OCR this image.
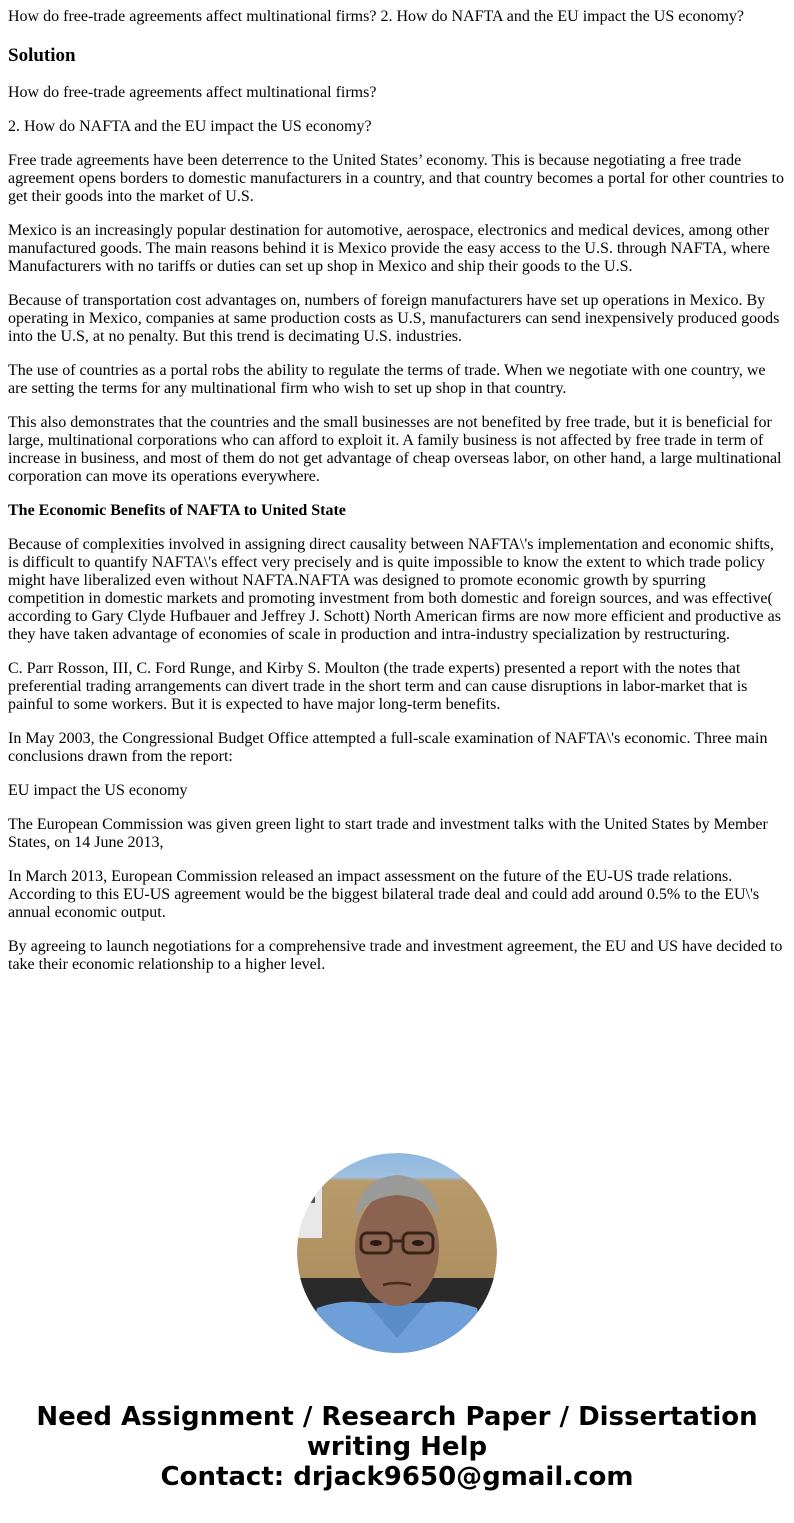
How do free-trade agreements affect multinational firms? 2. How do NAFTA and the EU impact the US economy?
Solution

How do free-trade agreements affect multinational firms?

2. How do NAFTA and the EU impact the US economy?

Free trade agreements have been deterrence to the United States’ economy. This is because negotiating a free trade agreement opens borders to domestic manufacturers in a country, and that country becomes a portal for other countries to get their goods into the market of U.S.

Mexico is an increasingly popular destination for automotive, aerospace, electronics and medical devices, among other manufactured goods. The main reasons behind it is Mexico provide the easy access to the U.S. through NAFTA, where Manufacturers with no tariffs or duties can set up shop in Mexico and ship their goods to the U.S.

Because of transportation cost advantages on, numbers of foreign manufacturers have set up operations in Mexico. By operating in Mexico, companies at same production costs as U.S, manufacturers can send inexpensively produced goods into the U.S, at no penalty. But this trend is decimating U.S. industries.

The use of countries as a portal robs the ability to regulate the terms of trade. When we negotiate with one country, we are setting the terms for any multinational firm who wish to set up shop in that country.

This also demonstrates that the countries and the small businesses are not benefited by free trade, but it is beneficial for large, multinational corporations who can afford to exploit it. A family business is not affected by free trade in term of increase in business, and most of them do not get advantage of cheap overseas labor, on other hand, a large multinational corporation can move its operations everywhere.

The Economic Benefits of NAFTA to United State

Because of complexities involved in assigning direct causality between NAFTA\'s implementation and economic shifts, is difficult to quantify NAFTA\'s effect very precisely and is quite impossible to know the extent to which trade policy might have liberalized even without NAFTA.NAFTA was designed to promote economic growth by spurring competition in domestic markets and promoting investment from both domestic and foreign sources, and was effective( according to Gary Clyde Hufbauer and Jeffrey J. Schott) North American firms are now more efficient and productive as they have taken advantage of economies of scale in production and intra-industry specialization by restructuring.

C. Parr Rosson, III, C. Ford Runge, and Kirby S. Moulton (the trade experts) presented a report with the notes that preferential trading arrangements can divert trade in the short term and can cause disruptions in labor-market that is painful to some workers. But it is expected to have major long-term benefits.

In May 2003, the Congressional Budget Office attempted a full-scale examination of NAFTA\'s economic. Three main conclusions drawn from the report:

EU impact the US economy

The European Commission was given green light to start trade and investment talks with the United States by Member States, on 14 June 2013,

In March 2013, European Commission released an impact assessment on the future of the EU-US trade relations. According to this EU-US agreement would be the biggest bilateral trade deal and could add around 0.5% to the EU\'s annual economic output.

By agreeing to launch negotiations for a comprehensive trade and investment agreement, the EU and US have decided to take their economic relationship to a higher level.

Need Assignment / Research Paper / Dissertation
writing Help
Contact: drjack9650@gmail.com
